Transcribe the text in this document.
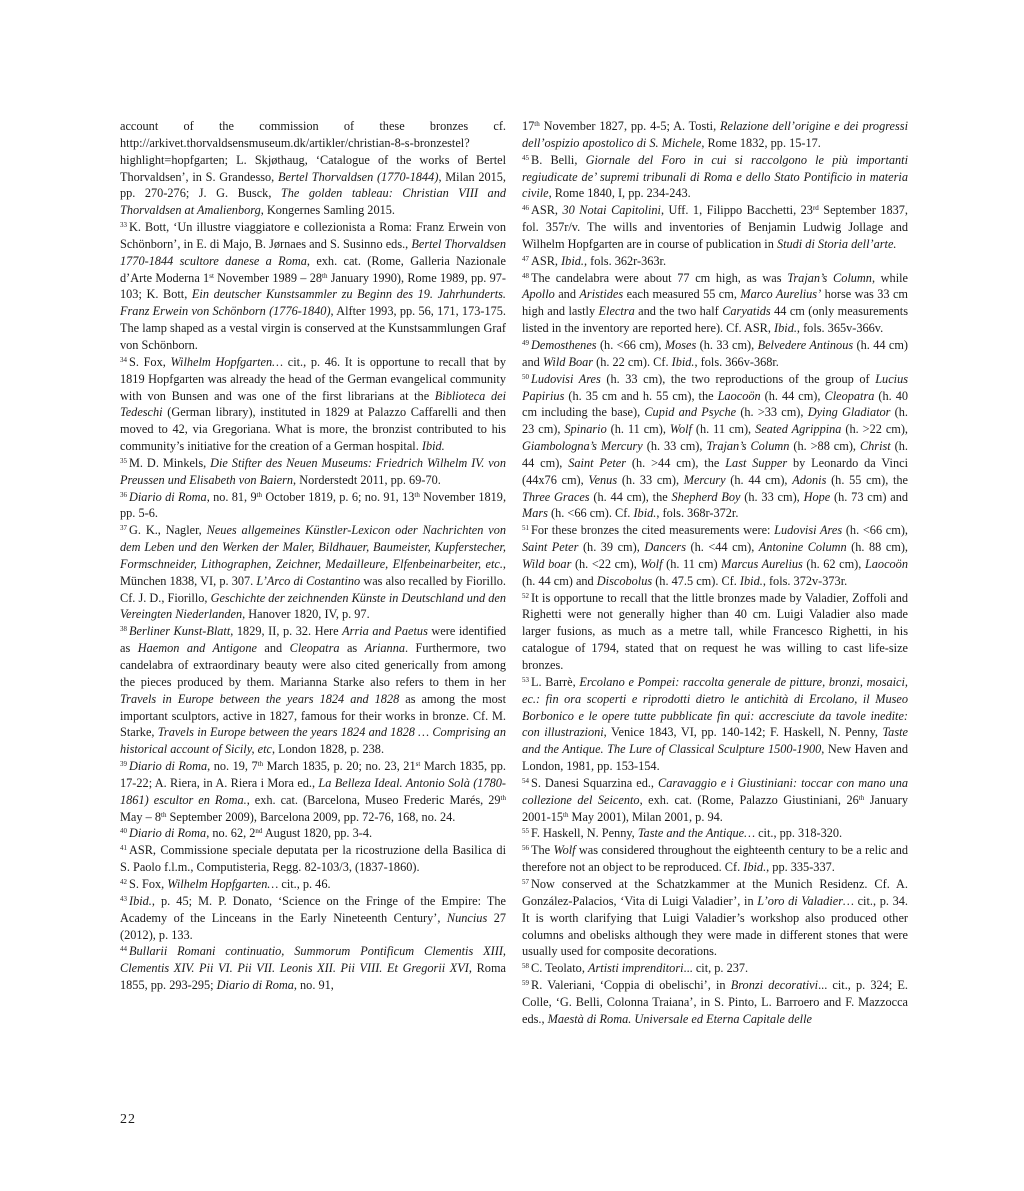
account of the commission of these bronzes cf. http://arkivet.thorvaldsensmuseum.dk/artikler/christian-8-s-bronzestel?highlight=hopfgarten; L. Skjøthaug, ‘Catalogue of the works of Bertel Thorvaldsen’, in S. Grandesso, Bertel Thorvaldsen (1770-1844), Milan 2015, pp. 270-276; J. G. Busck, The golden tableau: Christian VIII and Thorvaldsen at Amalienborg, Kongernes Samling 2015.

$^{33}$ K. Bott, ‘Un illustre viaggiatore e collezionista a Roma: Franz Erwein von Schönborn’, in E. di Majo, B. Jørnaes and S. Susinno eds., Bertel Thorvaldsen 1770-1844 scultore danese a Roma, exh. cat. (Rome, Galleria Nazionale d’Arte Moderna 1st November 1989 – 28th January 1990), Rome 1989, pp. 97-103; K. Bott, Ein deutscher Kunstsammler zu Beginn des 19. Jahrhunderts. Franz Erwein von Schönborn (1776-1840), Alfter 1993, pp. 56, 171, 173-175. The lamp shaped as a vestal virgin is conserved at the Kunstsammlungen Graf von Schönborn.

$^{34}$ S. Fox, Wilhelm Hopfgarten… cit., p. 46. It is opportune to recall that by 1819 Hopfgarten was already the head of the German evangelical community with von Bunsen and was one of the first librarians at the Biblioteca dei Tedeschi (German library), instituted in 1829 at Palazzo Caffarelli and then moved to 42, via Gregoriana. What is more, the bronzist contributed to his community’s initiative for the creation of a German hospital. Ibid.

$^{35}$ M. D. Minkels, Die Stifter des Neuen Museums: Friedrich Wilhelm IV. von Preussen und Elisabeth von Baiern, Norderstedt 2011, pp. 69-70.

$^{36}$ Diario di Roma, no. 81, 9th October 1819, p. 6; no. 91, 13th November 1819, pp. 5-6.

$^{37}$ G. K., Nagler, Neues allgemeines Künstler-Lexicon oder Nachrichten von dem Leben und den Werken der Maler, Bildhauer, Baumeister, Kupferstecher, Formschneider, Lithographen, Zeichner, Medailleure, Elfenbeinarbeiter, etc., München 1838, VI, p. 307. L’Arco di Costantino was also recalled by Fiorillo. Cf. J. D., Fiorillo, Geschichte der zeichnenden Künste in Deutschland und den Vereingten Niederlanden, Hanover 1820, IV, p. 97.

$^{38}$ Berliner Kunst-Blatt, 1829, II, p. 32. Here Arria and Paetus were identified as Haemon and Antigone and Cleopatra as Arianna. Furthermore, two candelabra of extraordinary beauty were also cited generically from among the pieces produced by them. Marianna Starke also refers to them in her Travels in Europe between the years 1824 and 1828 as among the most important sculptors, active in 1827, famous for their works in bronze. Cf. M. Starke, Travels in Europe between the years 1824 and 1828 … Comprising an historical account of Sicily, etc, London 1828, p. 238.

$^{39}$ Diario di Roma, no. 19, 7th March 1835, p. 20; no. 23, 21st March 1835, pp. 17-22; A. Riera, in A. Riera i Mora ed., La Belleza Ideal. Antonio Solà (1780-1861) escultor en Roma., exh. cat. (Barcelona, Museo Frederic Marés, 29th May – 8th September 2009), Barcelona 2009, pp. 72-76, 168, no. 24.

$^{40}$ Diario di Roma, no. 62, 2nd August 1820, pp. 3-4.

$^{41}$ ASR, Commissione speciale deputata per la ricostruzione della Basilica di S. Paolo f.l.m., Computisteria, Regg. 82-103/3, (1837-1860).

$^{42}$ S. Fox, Wilhelm Hopfgarten… cit., p. 46.

$^{43}$ Ibid., p. 45; M. P. Donato, ‘Science on the Fringe of the Empire: The Academy of the Linceans in the Early Nineteenth Century’, Nuncius 27 (2012), p. 133.

$^{44}$ Bullarii Romani continuatio, Summorum Pontificum Clementis XIII, Clementis XIV. Pii VI. Pii VII. Leonis XII. Pii VIII. Et Gregorii XVI, Roma 1855, pp. 293-295; Diario di Roma, no. 91,

17th November 1827, pp. 4-5; A. Tosti, Relazione dell’origine e dei progressi dell’ospizio apostolico di S. Michele, Rome 1832, pp. 15-17.

$^{45}$ B. Belli, Giornale del Foro in cui si raccolgono le più importanti regiudicate de’ supremi tribunali di Roma e dello Stato Pontificio in materia civile, Rome 1840, I, pp. 234-243.

$^{46}$ ASR, 30 Notai Capitolini, Uff. 1, Filippo Bacchetti, 23rd September 1837, fol. 357r/v. The wills and inventories of Benjamin Ludwig Jollage and Wilhelm Hopfgarten are in course of publication in Studi di Storia dell’arte.

$^{47}$ ASR, Ibid., fols. 362r-363r.

$^{48}$ The candelabra were about 77 cm high, as was Trajan’s Column, while Apollo and Aristides each measured 55 cm, Marco Aurelius’ horse was 33 cm high and lastly Electra and the two half Caryatids 44 cm (only measurements listed in the inventory are reported here). Cf. ASR, Ibid., fols. 365v-366v.

$^{49}$ Demosthenes (h. <66 cm), Moses (h. 33 cm), Belvedere Antinous (h. 44 cm) and Wild Boar (h. 22 cm). Cf. Ibid., fols. 366v-368r.

$^{50}$ Ludovisi Ares (h. 33 cm), the two reproductions of the group of Lucius Papirius (h. 35 cm and h. 55 cm), the Laocoön (h. 44 cm), Cleopatra (h. 40 cm including the base), Cupid and Psyche (h. >33 cm), Dying Gladiator (h. 23 cm), Spinario (h. 11 cm), Wolf (h. 11 cm), Seated Agrippina (h. >22 cm), Giambologna’s Mercury (h. 33 cm), Trajan’s Column (h. >88 cm), Christ (h. 44 cm), Saint Peter (h. >44 cm), the Last Supper by Leonardo da Vinci (44x76 cm), Venus (h. 33 cm), Mercury (h. 44 cm), Adonis (h. 55 cm), the Three Graces (h. 44 cm), the Shepherd Boy (h. 33 cm), Hope (h. 73 cm) and Mars (h. <66 cm). Cf. Ibid., fols. 368r-372r.

$^{51}$ For these bronzes the cited measurements were: Ludovisi Ares (h. <66 cm), Saint Peter (h. 39 cm), Dancers (h. <44 cm), Antonine Column (h. 88 cm), Wild boar (h. <22 cm), Wolf (h. 11 cm) Marcus Aurelius (h. 62 cm), Laocoön (h. 44 cm) and Discobolus (h. 47.5 cm). Cf. Ibid., fols. 372v-373r.

$^{52}$ It is opportune to recall that the little bronzes made by Valadier, Zoffoli and Righetti were not generally higher than 40 cm. Luigi Valadier also made larger fusions, as much as a metre tall, while Francesco Righetti, in his catalogue of 1794, stated that on request he was willing to cast life-size bronzes.

$^{53}$ L. Barrè, Ercolano e Pompei: raccolta generale de pitture, bronzi, mosaici, ec.: fin ora scoperti e riprodotti dietro le antichità di Ercolano, il Museo Borbonico e le opere tutte pubblicate fin qui: accresciute da tavole inedite: con illustrazioni, Venice 1843, VI, pp. 140-142; F. Haskell, N. Penny, Taste and the Antique. The Lure of Classical Sculpture 1500-1900, New Haven and London, 1981, pp. 153-154.

$^{54}$ S. Danesi Squarzina ed., Caravaggio e i Giustiniani: toccar con mano una collezione del Seicento, exh. cat. (Rome, Palazzo Giustiniani, 26th January 2001-15th May 2001), Milan 2001, p. 94.

$^{55}$ F. Haskell, N. Penny, Taste and the Antique… cit., pp. 318-320.

$^{56}$ The Wolf was considered throughout the eighteenth century to be a relic and therefore not an object to be reproduced. Cf. Ibid., pp. 335-337.

$^{57}$ Now conserved at the Schatzkammer at the Munich Residenz. Cf. A. González-Palacios, ‘Vita di Luigi Valadier’, in L’oro di Valadier… cit., p. 34. It is worth clarifying that Luigi Valadier’s workshop also produced other columns and obelisks although they were made in different stones that were usually used for composite decorations.

$^{58}$ C. Teolato, Artisti imprenditori... cit, p. 237.

$^{59}$ R. Valeriani, ‘Coppia di obelischi’, in Bronzi decorativi... cit., p. 324; E. Colle, ‘G. Belli, Colonna Traiana’, in S. Pinto, L. Barroero and F. Mazzocca eds., Maestà di Roma. Universale ed Eterna Capitale delle

22
